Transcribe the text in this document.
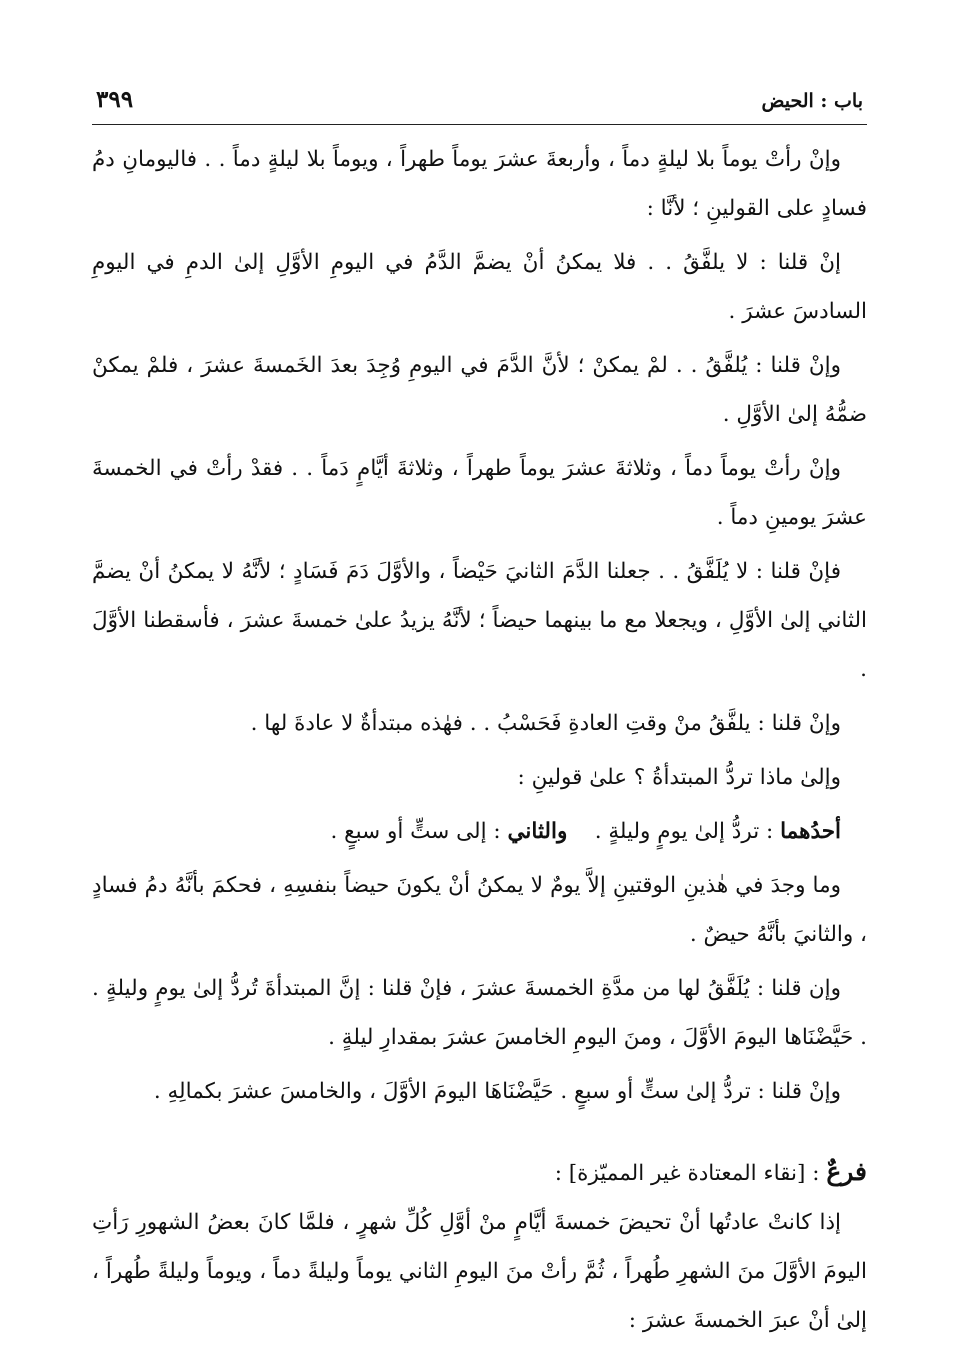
باب : الحيض
٣٩٩

وإنْ رأتْ يوماً بلا ليلةٍ دماً ، وأربعةَ عشرَ يوماً طهراً ، ويوماً بلا ليلةٍ دماً . . فاليومانِ دمُ فسادٍ على القولينِ ؛ لأنَّا :

إنْ قلنا : لا يلفَّقُ . . فلا يمكنُ أنْ يضمَّ الدَّمُ في اليومِ الأوَّلِ إلىٰ الدمِ في اليومِ السادسَ عشرَ .

وإنْ قلنا : يُلفَّقُ . . لمْ يمكنْ ؛ لأنَّ الدَّمَ في اليومِ وُجِدَ بعدَ الخَمسةَ عشرَ ، فلمْ يمكنْ ضمُّهُ إلىٰ الأوَّلِ .

وإنْ رأتْ يوماً دماً ، وثلاثةَ عشرَ يوماً طهراً ، وثلاثةَ أيَّامٍ دَماً . . فقدْ رأتْ في الخمسةَ عشرَ يومينِ دماً .

فإنْ قلنا : لا يُلَفَّقُ . . جعلنا الدَّمَ الثانيَ حَيْضاً ، والأوَّلَ دَمَ فَسَادٍ ؛ لأنَّهُ لا يمكنُ أنْ يضمَّ الثاني إلىٰ الأوَّلِ ، ويجعلا مع ما بينهما حيضاً ؛ لأنَّهُ يزيدُ علىٰ خمسةَ عشرَ ، فأسقطنا الأوَّلَ .

وإنْ قلنا : يلفَّقُ منْ وقتِ العادةِ فَحَسْبُ . . فهٰذه مبتدأةٌ لا عادةَ لها .

وإلىٰ ماذا تردُّ المبتدأةُ ؟ علىٰ قولينِ :

أحدُهما : تردُّ إلىٰ يومٍ وليلةٍ .    والثاني : إلى ستٍّ أو سبعٍ .

وما وجدَ في هٰذينِ الوقتينِ إلاَّ يومٌ لا يمكنُ أنْ يكونَ حيضاً بنفسِهِ ، فحكمَ بأنَّهُ دمُ فسادٍ ، والثانيَ بأنَّهُ حيضٌ .

وإن قلنا : يُلَفَّقُ لها من مدَّةِ الخمسةَ عشرَ ، فإنْ قلنا : إنَّ المبتدأةَ تُردُّ إلىٰ يومٍ وليلةٍ . . حَيَّضْنَاها اليومَ الأوَّلَ ، ومنَ اليومِ الخامسَ عشرَ بمقدارِ ليلةٍ .

وإنْ قلنا : تردُّ إلىٰ ستٍّ أو سبعٍ . حَيَّضْنَاهَا اليومَ الأوَّلَ ، والخامسَ عشرَ بكمالِهِ .

فرعٌ : [نقاء المعتادة غير المميّزة] :

إذا كانتْ عادتُها أنْ تحيضَ خمسةَ أيَّامٍ منْ أوَّلِ كُلِّ شهرٍ ، فلمَّا كانَ بعضُ الشهورِ رَأتِ اليومَ الأوَّلَ منَ الشهرِ طُهراً ، ثُمَّ رأتْ منَ اليومِ الثاني يوماً وليلةً دماً ، ويوماً وليلةً طُهراً ، إلىٰ أنْ عبرَ الخمسةَ عشرَ :
